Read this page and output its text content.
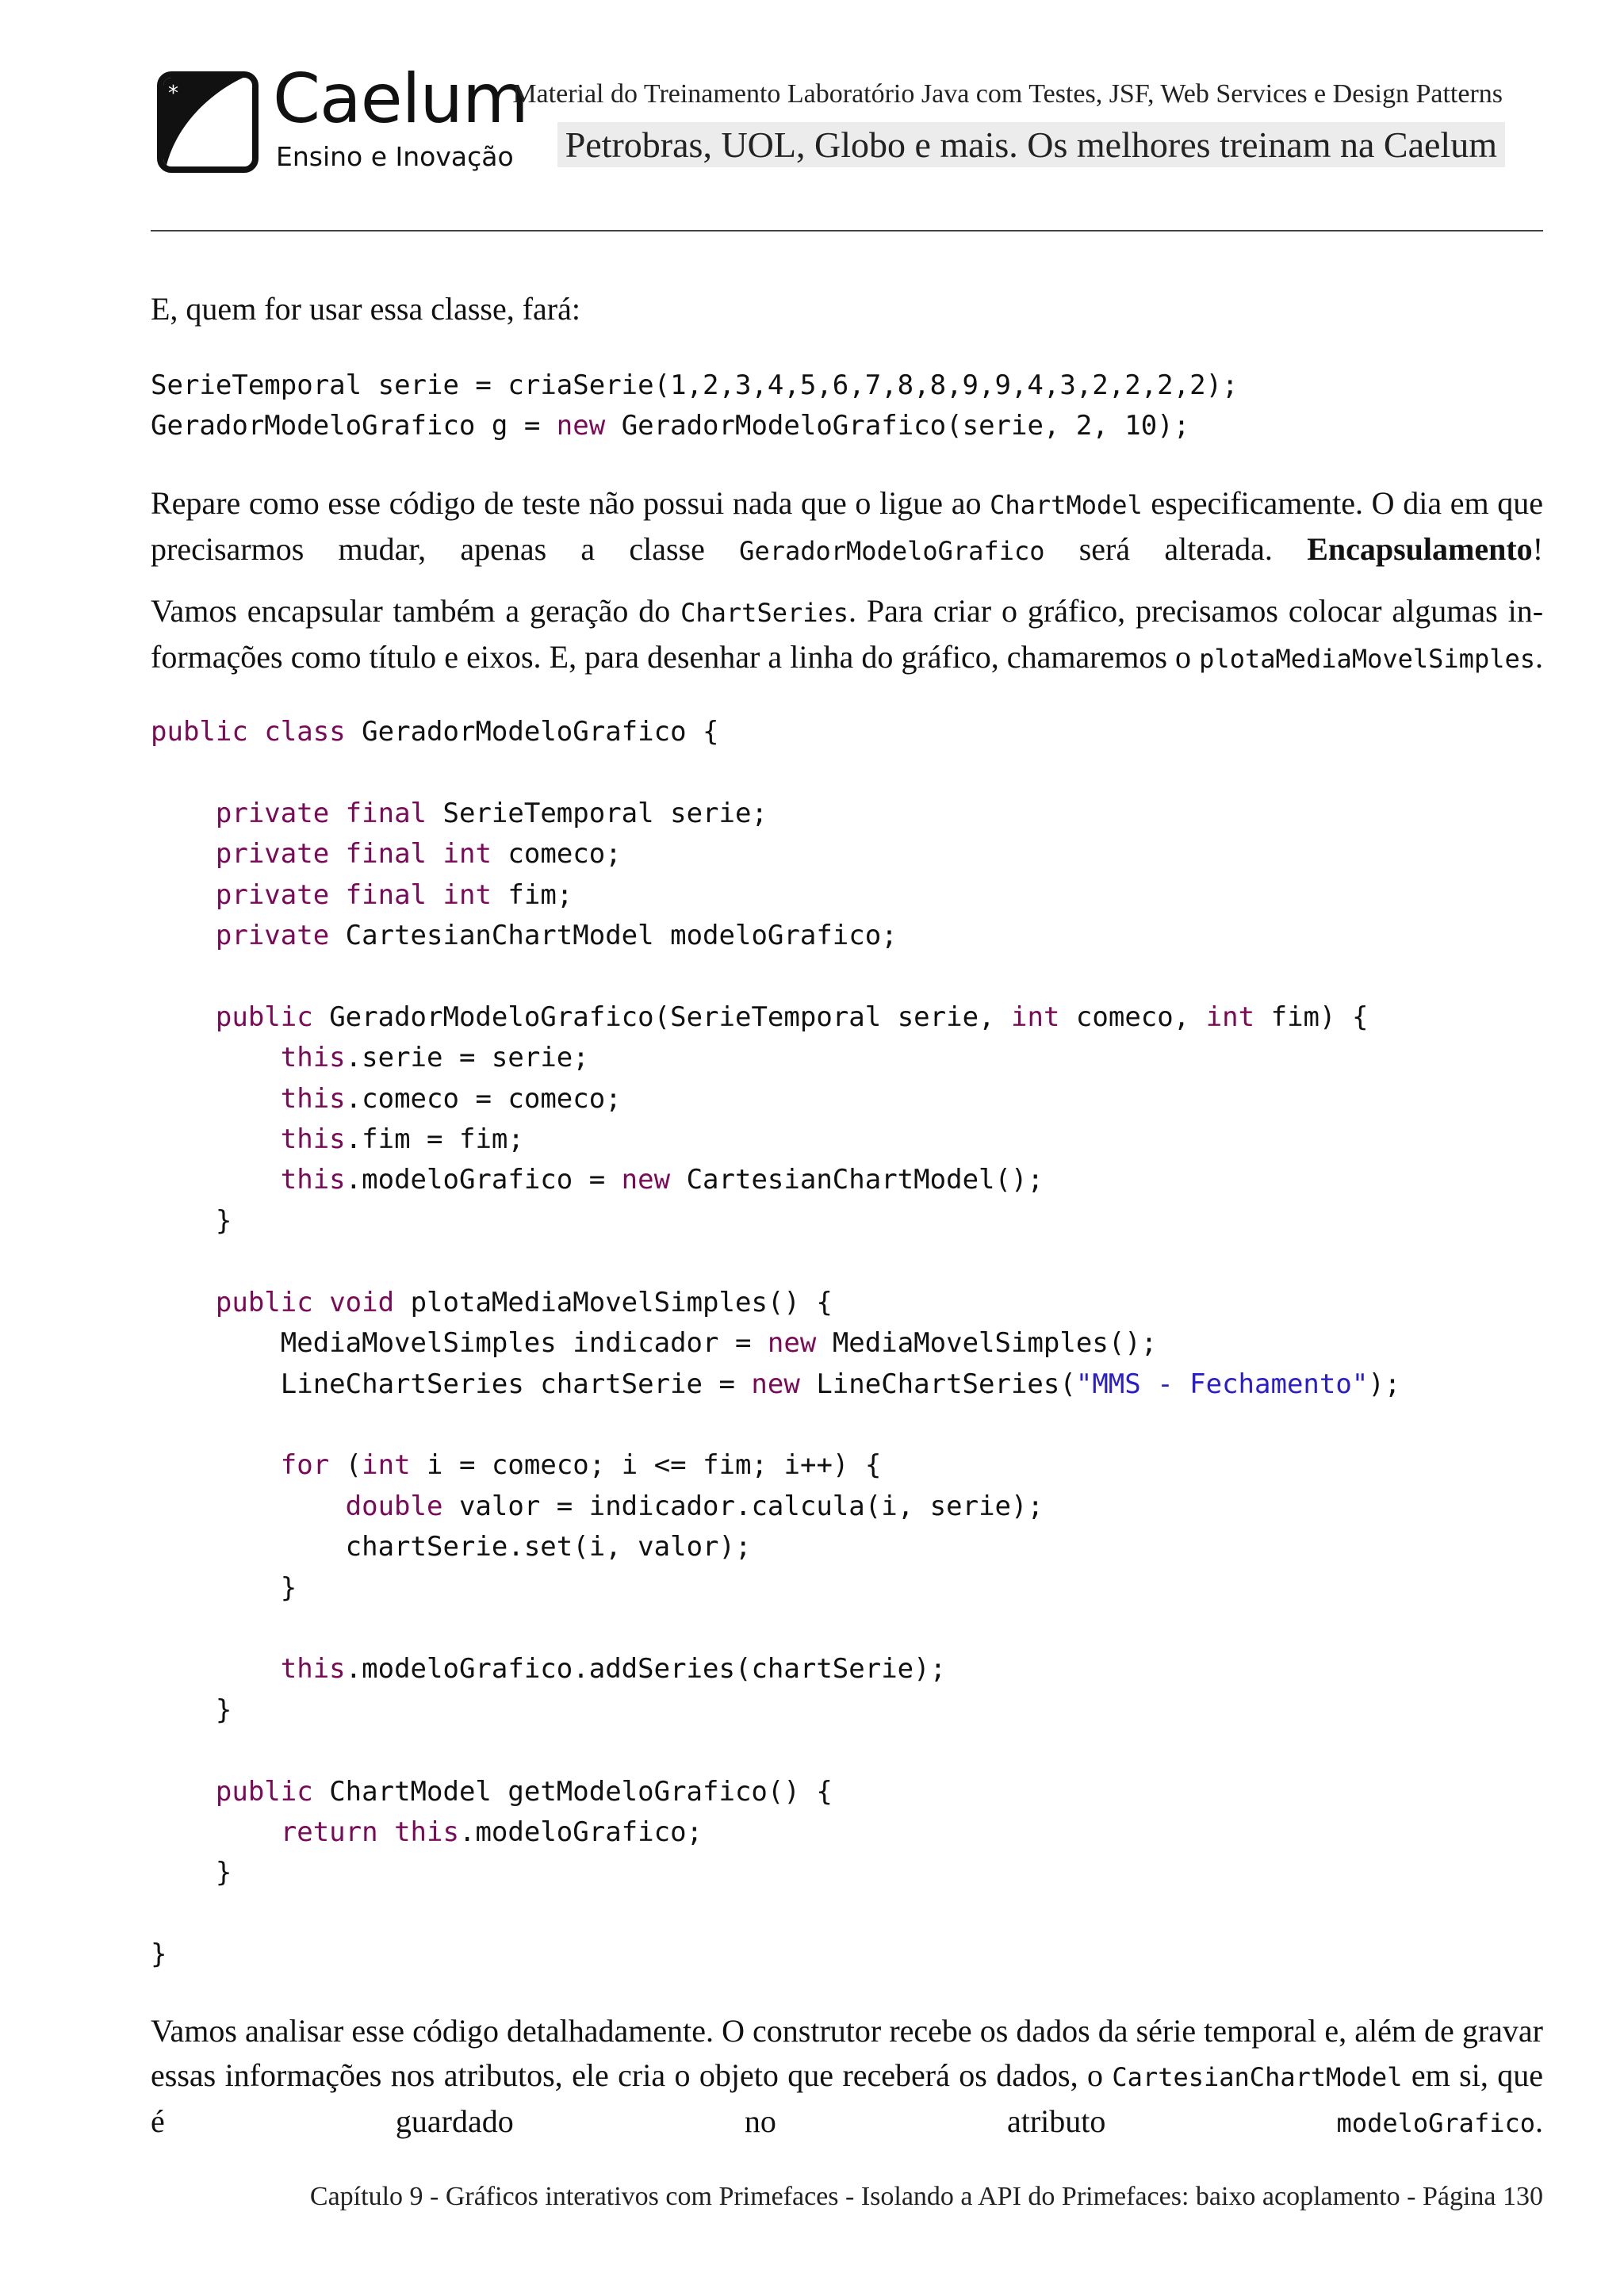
* Caelum
Ensino e Inovação
Material do Treinamento Laboratório Java com Testes, JSF, Web Services e Design Patterns
Petrobras, UOL, Globo e mais. Os melhores treinam na Caelum
E, quem for usar essa classe, fará:
SerieTemporal serie = criaSerie(1,2,3,4,5,6,7,8,8,9,9,4,3,2,2,2,2);
GeradorModeloGrafico g = new GeradorModeloGrafico(serie, 2, 10);
Repare como esse código de teste não possui nada que o ligue ao ChartModel especificamente. O dia em que precisarmos mudar, apenas a classe GeradorModeloGrafico será alterada. Encapsulamento!
Vamos encapsular também a geração do ChartSeries. Para criar o gráfico, precisamos colocar algumas in-
formações como título e eixos. E, para desenhar a linha do gráfico, chamaremos o plotaMediaMovelSimples.
public class GeradorModeloGrafico {

private final SerieTemporal serie;
private final int comeco;
private final int fim;
private CartesianChartModel modeloGrafico;

public GeradorModeloGrafico(SerieTemporal serie, int comeco, int fim) {
this.serie = serie;
this.comeco = comeco;
this.fim = fim;
this.modeloGrafico = new CartesianChartModel();
}

public void plotaMediaMovelSimples() {
MediaMovelSimples indicador = new MediaMovelSimples();
LineChartSeries chartSerie = new LineChartSeries("MMS - Fechamento");

for (int i = comeco; i <= fim; i++) {
double valor = indicador.calcula(i, serie);
chartSerie.set(i, valor);
}

this.modeloGrafico.addSeries(chartSerie);
}

public ChartModel getModeloGrafico() {
return this.modeloGrafico;
}

}
Vamos analisar esse código detalhadamente. O construtor recebe os dados da série temporal e, além de gravar essas informações nos atributos, ele cria o objeto que receberá os dados, o CartesianChartModel em si, que é guardado no atributo modeloGrafico.
Capítulo 9 - Gráficos interativos com Primefaces - Isolando a API do Primefaces: baixo acoplamento - Página 130
